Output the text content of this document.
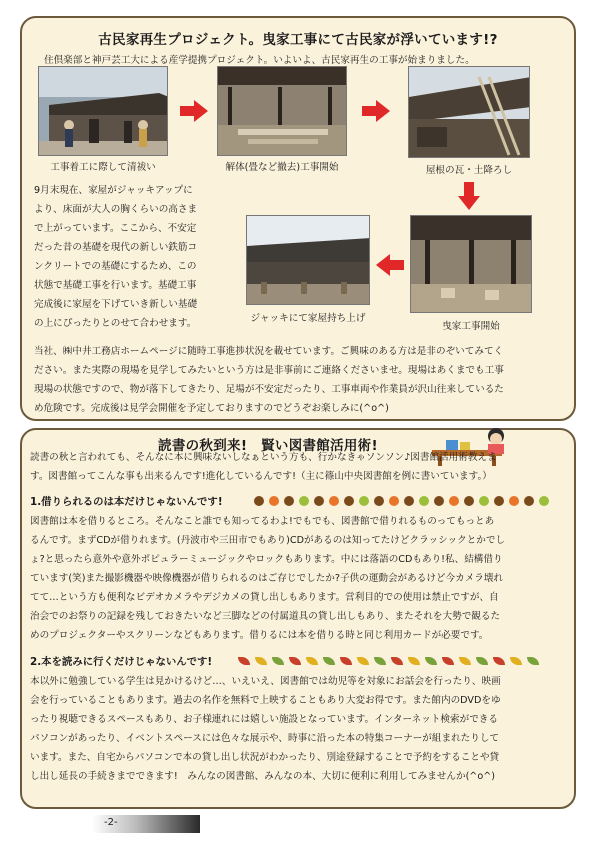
古民家再生プロジェクト。曳家工事にて古民家が浮いています!?
住倶楽部と神戸芸工大による産学提携プロジェクト。いよいよ、古民家再生の工事が始まりました。
工事着工に際して清祓い	解体(畳など撤去)工事開始	屋根の瓦・土降ろし
9月末現在、家屋がジャッキアップに
より、床面が大人の胸くらいの高さま
で上がっています。ここから、不安定
だった昔の基礎を現代の新しい鉄筋コ
ンクリートでの基礎にするため、この
状態で基礎工事を行います。基礎工事
完成後に家屋を下げていき新しい基礎
の上にぴったりとのせて合わせます。	ジャッキにて家屋持ち上げ
曳家工事開始
当社、㈱中井工務店ホームページに随時工事進捗状況を載せています。ご興味のある方は是非のぞいてみてく
ださい。また実際の現場を見学してみたいという方は是非事前にご連絡くださいませ。現場はあくまでも工事
現場の状態ですので、物が落下してきたり、足場が不安定だったり、工事車両や作業員が沢山往来しているた
め危険です。完成後は見学会開催を予定しておりますのでどうぞお楽しみに(^o^)
読書の秋到来!　賢い図書館活用術!
読書の秋と言われても、そんなに本に興味ないしなぁという方も、行かなきゃソンソン♪図書館活用術教えま
す。図書館ってこんな事も出来るんです!進化しているんです!（主に篠山中央図書館を例に書いています。）
1.借りられるのは本だけじゃないんです!
図書館は本を借りるところ。そんなこと誰でも知ってるわよ!でもでも、図書館で借りれるものってもっとあ
るんです。まずCDが借りれます。(丹波市や三田市でもあり)CDがあるのは知ってたけどクラッシックとかでし
ょ?と思ったら意外や意外ポピュラーミュージックやロックもあります。中には落語のCDもあり!私、結構借り
ています(笑)また撮影機器や映像機器が借りられるのはご存じでしたか?子供の運動会があるけど今カメラ壊れ
てて…という方も便利なビデオカメラやデジカメの貸し出しもあります。営利目的での使用は禁止ですが、自
治会でのお祭りの記録を残しておきたいなど三脚などの付属道具の貸し出しもあり、またそれを大勢で観るた
めのプロジェクターやスクリーンなどもあります。借りるには本を借りる時と同じ利用カードが必要です。
2.本を読みに行くだけじゃないんです!
本以外に勉強している学生は見かけるけど…、いえいえ、図書館では幼児等を対象にお話会を行ったり、映画
会を行っていることもあります。過去の名作を無料で上映することもあり大変お得です。また館内のDVDをゆ
ったり視聴できるスペースもあり、お子様連れには嬉しい施設となっています。インターネット検索ができる
パソコンがあったり、イベントスペースには色々な展示や、時事に沿った本の特集コーナーが組まれたりして
います。また、自宅からパソコンで本の貸し出し状況がわかったり、別途登録することで予約をすることや貸
し出し延長の手続きまでできます!　みんなの図書館、みんなの本、大切に便利に利用してみませんか(^o^)
-2-
